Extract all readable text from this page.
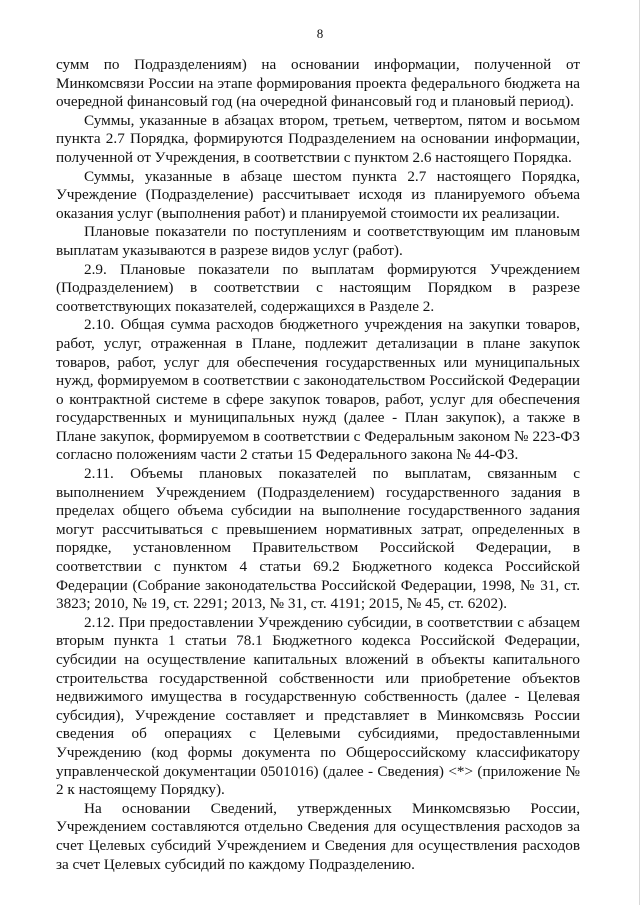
8

сумм по Подразделениям) на основании информации, полученной от Минкомсвязи России на этапе формирования проекта федерального бюджета на очередной финансовый год (на очередной финансовый год и плановый период).

Суммы, указанные в абзацах втором, третьем, четвертом, пятом и восьмом пункта 2.7 Порядка, формируются Подразделением на основании информации, полученной от Учреждения, в соответствии с пунктом 2.6 настоящего Порядка.

Суммы, указанные в абзаце шестом пункта 2.7 настоящего Порядка, Учреждение (Подразделение) рассчитывает исходя из планируемого объема оказания услуг (выполнения работ) и планируемой стоимости их реализации.

Плановые показатели по поступлениям и соответствующим им плановым выплатам указываются в разрезе видов услуг (работ).

2.9. Плановые показатели по выплатам формируются Учреждением (Подразделением) в соответствии с настоящим Порядком в разрезе соответствующих показателей, содержащихся в Разделе 2.

2.10. Общая сумма расходов бюджетного учреждения на закупки товаров, работ, услуг, отраженная в Плане, подлежит детализации в плане закупок товаров, работ, услуг для обеспечения государственных или муниципальных нужд, формируемом в соответствии с законодательством Российской Федерации о контрактной системе в сфере закупок товаров, работ, услуг для обеспечения государственных и муниципальных нужд (далее - План закупок), а также в Плане закупок, формируемом в соответствии с Федеральным законом № 223-ФЗ согласно положениям части 2 статьи 15 Федерального закона № 44-ФЗ.

2.11. Объемы плановых показателей по выплатам, связанным с выполнением Учреждением (Подразделением) государственного задания в пределах общего объема субсидии на выполнение государственного задания могут рассчитываться с превышением нормативных затрат, определенных в порядке, установленном Правительством Российской Федерации, в соответствии с пунктом 4 статьи 69.2 Бюджетного кодекса Российской Федерации (Собрание законодательства Российской Федерации, 1998, № 31, ст. 3823; 2010, № 19, ст. 2291; 2013, № 31, ст. 4191; 2015, № 45, ст. 6202).

2.12. При предоставлении Учреждению субсидии, в соответствии с абзацем вторым пункта 1 статьи 78.1 Бюджетного кодекса Российской Федерации, субсидии на осуществление капитальных вложений в объекты капитального строительства государственной собственности или приобретение объектов недвижимого имущества в государственную собственность (далее - Целевая субсидия), Учреждение составляет и представляет в Минкомсвязь России сведения об операциях с Целевыми субсидиями, предоставленными Учреждению (код формы документа по Общероссийскому классификатору управленческой документации 0501016) (далее - Сведения) <*> (приложение № 2 к настоящему Порядку).

На основании Сведений, утвержденных Минкомсвязью России, Учреждением составляются отдельно Сведения для осуществления расходов за счет Целевых субсидий Учреждением и Сведения для осуществления расходов за счет Целевых субсидий по каждому Подразделению.
